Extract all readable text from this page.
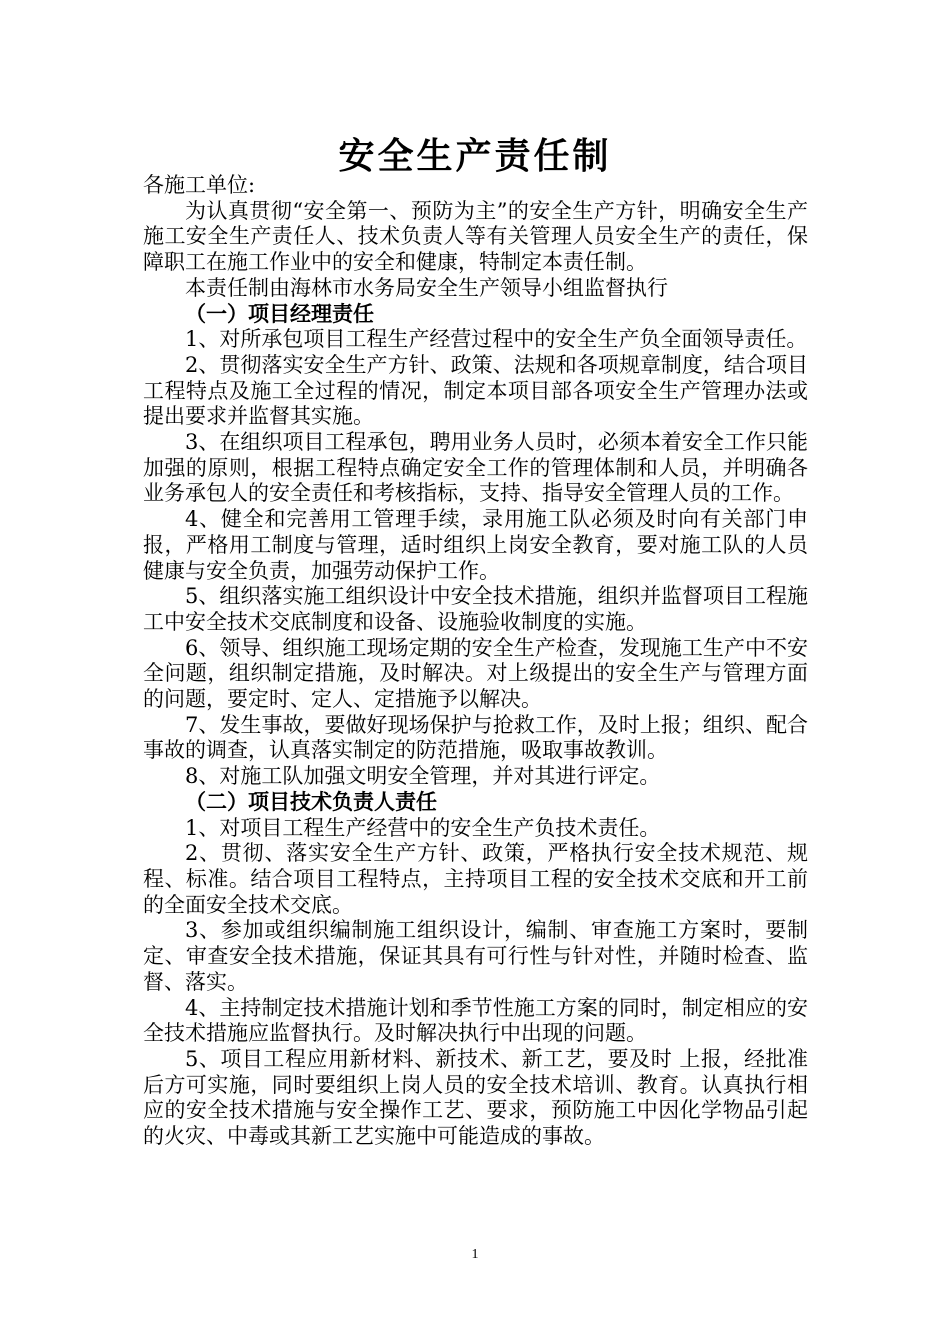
安全生产责任制

各施工单位:

为认真贯彻“安全第一、预防为主”的安全生产方针，明确安全生产施工安全生产责任人、技术负责人等有关管理人员安全生产的责任，保障职工在施工作业中的安全和健康，特制定本责任制。

本责任制由海林市水务局安全生产领导小组监督执行

（一）项目经理责任

1、对所承包项目工程生产经营过程中的安全生产负全面领导责任。

2、贯彻落实安全生产方针、政策、法规和各项规章制度，结合项目工程特点及施工全过程的情况，制定本项目部各项安全生产管理办法或提出要求并监督其实施。

3、在组织项目工程承包，聘用业务人员时，必须本着安全工作只能加强的原则，根据工程特点确定安全工作的管理体制和人员，并明确各业务承包人的安全责任和考核指标，支持、指导安全管理人员的工作。

4、健全和完善用工管理手续，录用施工队必须及时向有关部门申报，严格用工制度与管理，适时组织上岗安全教育，要对施工队的人员健康与安全负责，加强劳动保护工作。

5、组织落实施工组织设计中安全技术措施，组织并监督项目工程施工中安全技术交底制度和设备、设施验收制度的实施。

6、领导、组织施工现场定期的安全生产检查，发现施工生产中不安全问题，组织制定措施，及时解决。对上级提出的安全生产与管理方面的问题，要定时、定人、定措施予以解决。

7、发生事故，要做好现场保护与抢救工作，及时上报；组织、配合事故的调查，认真落实制定的防范措施，吸取事故教训。

8、对施工队加强文明安全管理，并对其进行评定。

（二）项目技术负责人责任

1、对项目工程生产经营中的安全生产负技术责任。

2、贯彻、落实安全生产方针、政策，严格执行安全技术规范、规程、标准。结合项目工程特点，主持项目工程的安全技术交底和开工前的全面安全技术交底。

3、参加或组织编制施工组织设计，编制、审查施工方案时，要制定、审查安全技术措施，保证其具有可行性与针对性，并随时检查、监督、落实。

4、主持制定技术措施计划和季节性施工方案的同时，制定相应的安全技术措施应监督执行。及时解决执行中出现的问题。

5、项目工程应用新材料、新技术、新工艺，要及时 上报，经批准后方可实施，同时要组织上岗人员的安全技术培训、教育。认真执行相应的安全技术措施与安全操作工艺、要求，预防施工中因化学物品引起的火灾、中毒或其新工艺实施中可能造成的事故。

1
